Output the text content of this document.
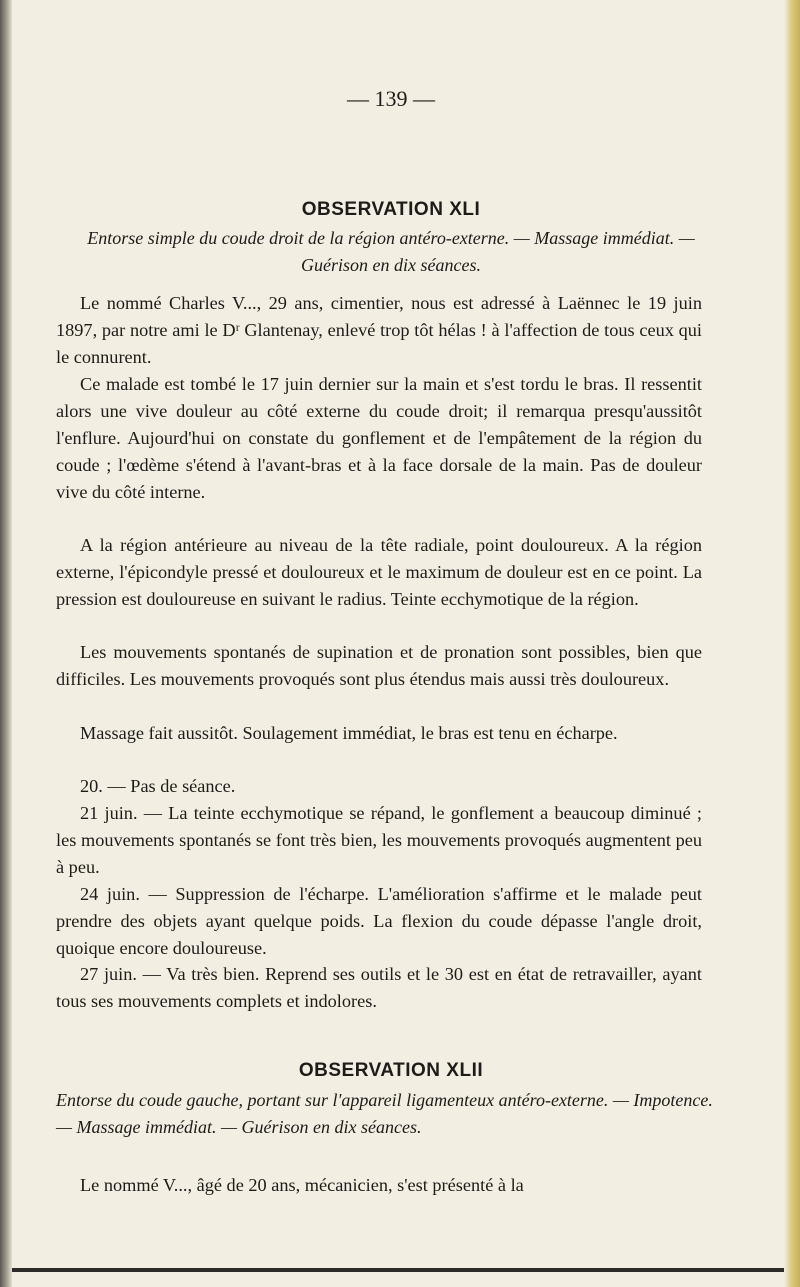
— 139 —
OBSERVATION XLI
Entorse simple du coude droit de la région antéro-externe. — Massage immédiat. — Guérison en dix séances.
Le nommé Charles V..., 29 ans, cimentier, nous est adressé à Laënnec le 19 juin 1897, par notre ami le Dʳ Glantenay, enlevé trop tôt hélas ! à l'affection de tous ceux qui le connurent.
Ce malade est tombé le 17 juin dernier sur la main et s'est tordu le bras. Il ressentit alors une vive douleur au côté externe du coude droit; il remarqua presqu'aussitôt l'enflure. Aujourd'hui on constate du gonflement et de l'empâtement de la région du coude ; l'œdème s'étend à l'avant-bras et à la face dorsale de la main. Pas de douleur vive du côté interne.
A la région antérieure au niveau de la tête radiale, point douloureux. A la région externe, l'épicondyle pressé et douloureux et le maximum de douleur est en ce point. La pression est douloureuse en suivant le radius. Teinte ecchymotique de la région.
Les mouvements spontanés de supination et de pronation sont possibles, bien que difficiles. Les mouvements provoqués sont plus étendus mais aussi très douloureux.
Massage fait aussitôt. Soulagement immédiat, le bras est tenu en écharpe.
20. — Pas de séance.
21 juin. — La teinte ecchymotique se répand, le gonflement a beaucoup diminué ; les mouvements spontanés se font très bien, les mouvements provoqués augmentent peu à peu.
24 juin. — Suppression de l'écharpe. L'amélioration s'affirme et le malade peut prendre des objets ayant quelque poids. La flexion du coude dépasse l'angle droit, quoique encore douloureuse.
27 juin. — Va très bien. Reprend ses outils et le 30 est en état de retravailler, ayant tous ses mouvements complets et indolores.
OBSERVATION XLII
Entorse du coude gauche, portant sur l'appareil ligamenteux antéro-externe. — Impotence. — Massage immédiat. — Guérison en dix séances.
Le nommé V..., âgé de 20 ans, mécanicien, s'est présenté à la
